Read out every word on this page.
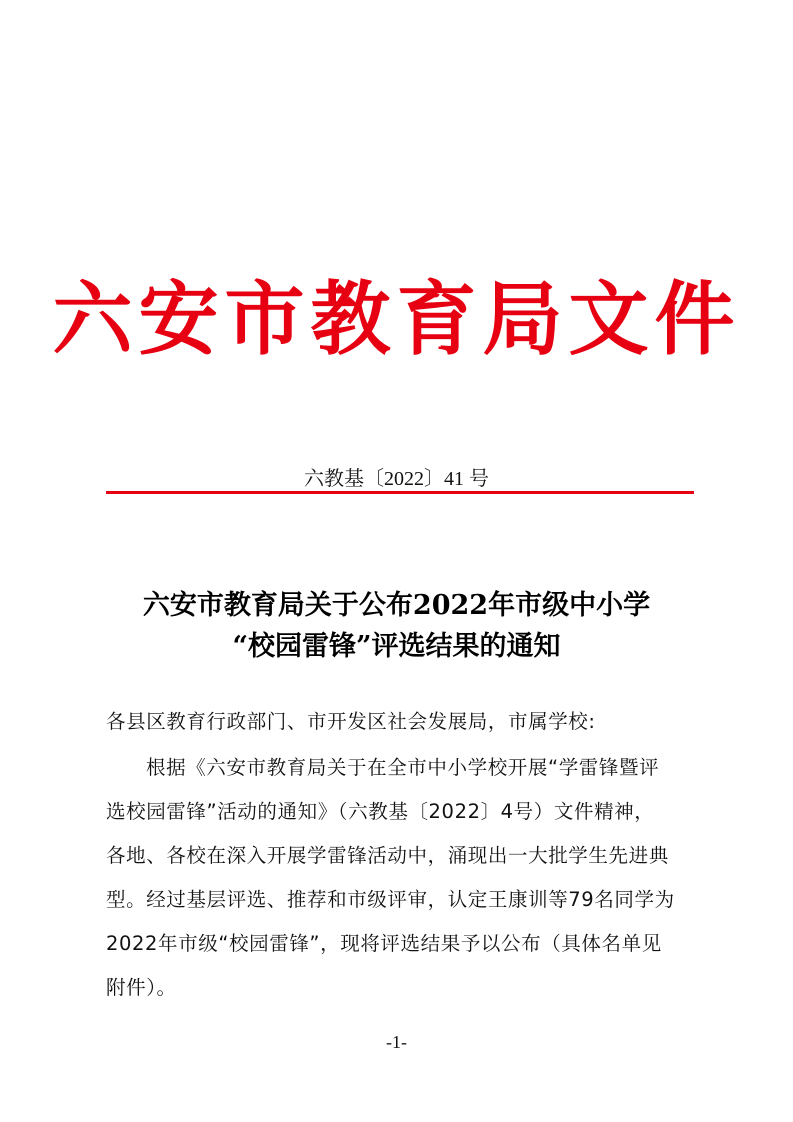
六安市教育局文件
六教基〔2022〕41 号
六安市教育局关于公布2022年市级中小学
“校园雷锋”评选结果的通知
各县区教育行政部门、市开发区社会发展局，市属学校:
根据《六安市教育局关于在全市中小学校开展“学雷锋暨评
选校园雷锋”活动的通知》（六教基〔2022〕4号）文件精神，
各地、各校在深入开展学雷锋活动中，涌现出一大批学生先进典
型。经过基层评选、推荐和市级评审，认定王康训等79名同学为
2022年市级“校园雷锋”，现将评选结果予以公布（具体名单见
附件）。
-1-
